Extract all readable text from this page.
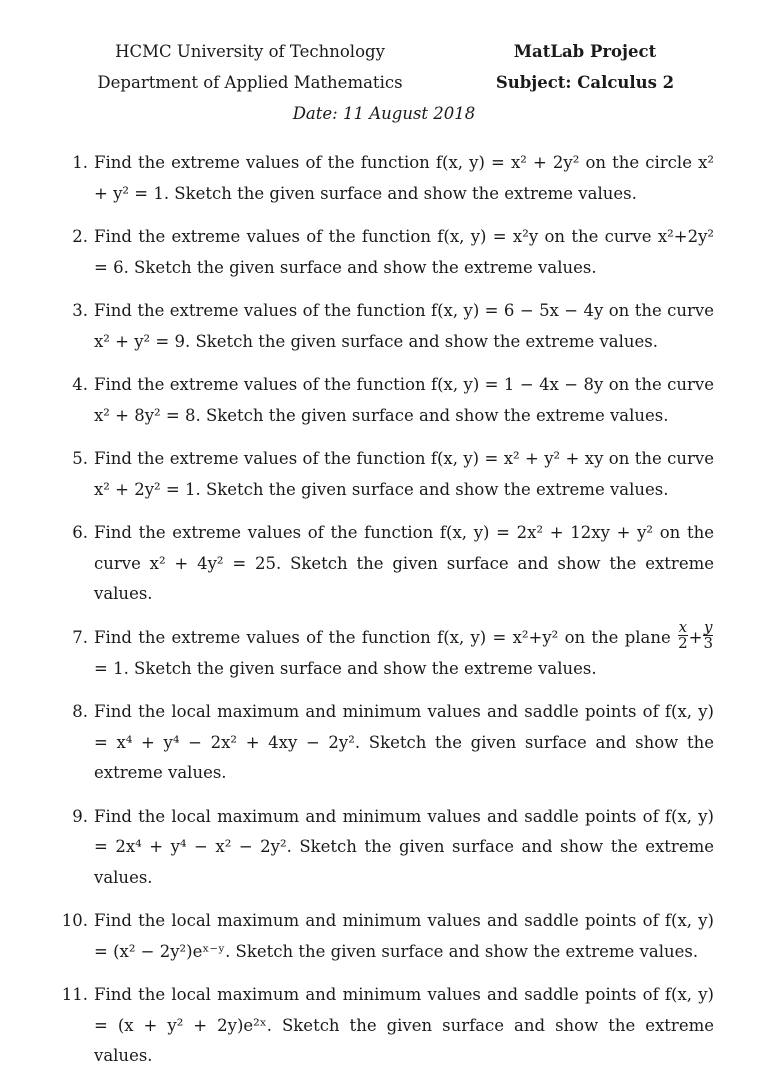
HCMC University of Technology	MatLab Project
Department of Applied Mathematics	Subject: Calculus 2
Date: 11 August 2018
1. Find the extreme values of the function f(x, y) = x² + 2y² on the circle x² + y² = 1. Sketch the given surface and show the extreme values.
2. Find the extreme values of the function f(x, y) = x²y on the curve x²+2y² = 6. Sketch the given surface and show the extreme values.
3. Find the extreme values of the function f(x, y) = 6 − 5x − 4y on the curve x² + y² = 9. Sketch the given surface and show the extreme values.
4. Find the extreme values of the function f(x, y) = 1 − 4x − 8y on the curve x² + 8y² = 8. Sketch the given surface and show the extreme values.
5. Find the extreme values of the function f(x, y) = x² + y² + xy on the curve x² + 2y² = 1. Sketch the given surface and show the extreme values.
6. Find the extreme values of the function f(x, y) = 2x² + 12xy + y² on the curve x² + 4y² = 25. Sketch the given surface and show the extreme values.
7. Find the extreme values of the function f(x, y) = x²+y² on the plane $\frac{x}{2} + \frac{y}{3}$
= 1. Sketch the given surface and show the extreme values.
8. Find the local maximum and minimum values and saddle points of f(x, y) = x⁴ + y⁴ − 2x² + 4xy − 2y². Sketch the given surface and show the extreme values.
9. Find the local maximum and minimum values and saddle points of f(x, y) = 2x⁴ + y⁴ − x² − 2y². Sketch the given surface and show the extreme values.
10. Find the local maximum and minimum values and saddle points of f(x, y) = (x² − 2y²)eˣ⁻ʸ. Sketch the given surface and show the extreme values.
11. Find the local maximum and minimum values and saddle points of f(x, y) = (x + y² + 2y)e²ˣ. Sketch the given surface and show the extreme values.
